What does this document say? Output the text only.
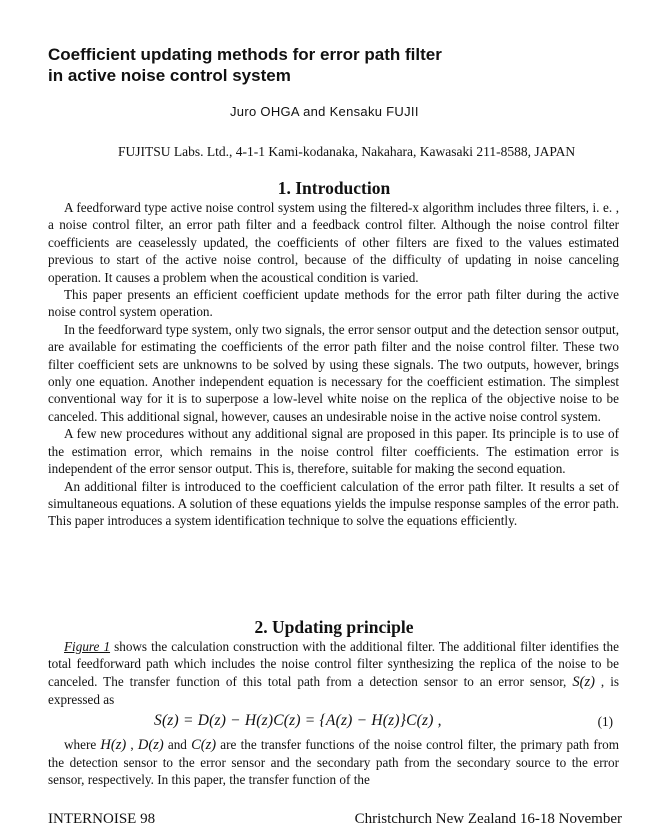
Coefficient updating methods for error path filter
in active noise control system
Juro OHGA and Kensaku FUJII
FUJITSU Labs. Ltd., 4-1-1 Kami-kodanaka, Nakahara, Kawasaki 211-8588, JAPAN
1. Introduction

A feedforward type active noise control system using the filtered-x algorithm includes three filters, i. e. , a noise control filter, an error path filter and a feedback control filter. Although the noise control filter coefficients are ceaselessly updated, the coefficients of other filters are fixed to the values estimated previous to start of the active noise control, because of the difficulty of updating in noise canceling operation. It causes a problem when the acoustical condition is varied.

This paper presents an efficient coefficient update methods for the error path filter during the active noise control system operation.

In the feedforward type system, only two signals, the error sensor output and the detection sensor output, are available for estimating the coefficients of the error path filter and the noise control filter. These two filter coefficient sets are unknowns to be solved by using these signals. The two outputs, however, brings only one equation. Another independent equation is necessary for the coefficient estimation. The simplest conventional way for it is to superpose a low-level white noise on the replica of the objective noise to be canceled. This additional signal, however, causes an undesirable noise in the active noise control system.

A few new procedures without any additional signal are proposed in this paper. Its principle is to use of the estimation error, which remains in the noise control filter coefficients. The estimation error is independent of the error sensor output. This is, therefore, suitable for making the second equation.

An additional filter is introduced to the coefficient calculation of the error path filter. It results a set of simultaneous equations. A solution of these equations yields the impulse response samples of the error path. This paper introduces a system identification technique to solve the equations efficiently.

2. Updating principle

Figure 1 shows the calculation construction with the additional filter. The additional filter identifies the total feedforward path which includes the noise control filter synthesizing the replica of the noise to be canceled. The transfer function of this total path from a detection sensor to an error sensor, S(z) , is expressed as

S(z) = D(z) − H(z)C(z) = {A(z) − H(z)}C(z) ,	(1)

where H(z) , D(z) and C(z) are the transfer functions of the noise control filter, the primary path from the detection sensor to the error sensor and the secondary path from the secondary source to the error sensor, respectively. In this paper, the transfer function of the

INTERNOISE 98	Christchurch New Zealand 16-18 November
